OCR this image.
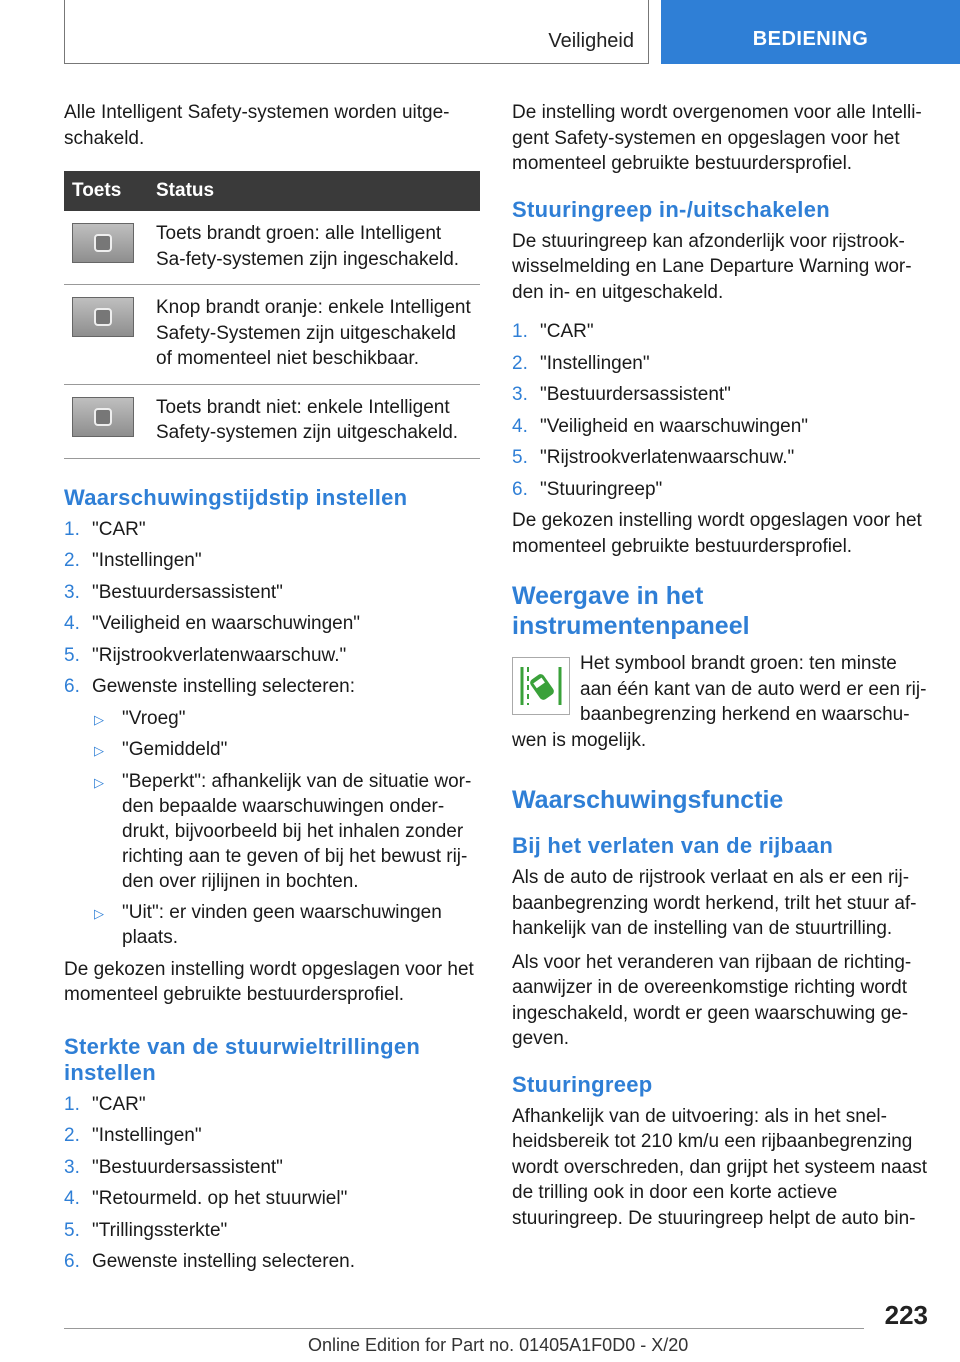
Veiligheid	BEDIENING

Alle Intelligent Safety-systemen worden uitge-schakeld.

Toets	Status

	Toets brandt groen: alle Intelligent Sa-fety-systemen zijn ingeschakeld.

	Knop brandt oranje: enkele Intelligent Safety-Systemen zijn uitgeschakeld of momenteel niet beschikbaar.

	Toets brandt niet: enkele Intelligent Safety-systemen zijn uitgeschakeld.
Waarschuwingstijdstip instellen
1. "CAR"
2. "Instellingen"
3. "Bestuurdersassistent"
4. "Veiligheid en waarschuwingen"
5. "Rijstrookverlatenwaarschuw."
6. Gewenste instelling selecteren:
▷ "Vroeg"
▷ "Gemiddeld"
▷ "Beperkt": afhankelijk van de situatie wor-den bepaalde waarschuwingen onder-drukt, bijvoorbeeld bij het inhalen zonder richting aan te geven of bij het bewust rij-den over rijlijnen in bochten.
▷ "Uit": er vinden geen waarschuwingen plaats.

De gekozen instelling wordt opgeslagen voor het momenteel gebruikte bestuurdersprofiel.

Sterkte van de stuurwieltrillingen instellen
1. "CAR"
2. "Instellingen"
3. "Bestuurdersassistent"
4. "Retourmeld. op het stuurwiel"
5. "Trillingssterkte"
6. Gewenste instelling selecteren.

De instelling wordt overgenomen voor alle Intelli-gent Safety-systemen en opgeslagen voor het momenteel gebruikte bestuurdersprofiel.

Stuuringreep in-/uitschakelen

De stuuringreep kan afzonderlijk voor rijstrook-wisselmelding en Lane Departure Warning wor-den in- en uitgeschakeld.

1. "CAR"
2. "Instellingen"
3. "Bestuurdersassistent"
4. "Veiligheid en waarschuwingen"
5. "Rijstrookverlatenwaarschuw."
6. "Stuuringreep"

De gekozen instelling wordt opgeslagen voor het momenteel gebruikte bestuurdersprofiel.

Weergave in het instrumentenpaneel

Het symbool brandt groen: ten minste aan één kant van de auto werd er een rij-baanbegrenzing herkend en waarschu-wen is mogelijk.

Waarschuwingsfunctie
Bij het verlaten van de rijbaan

Als de auto de rijstrook verlaat en als er een rij-baanbegrenzing wordt herkend, trilt het stuur af-hankelijk van de instelling van de stuurtrilling.

Als voor het veranderen van rijbaan de richting-aanwijzer in de overeenkomstige richting wordt ingeschakeld, wordt er geen waarschuwing ge-geven.

Stuuringreep

Afhankelijk van de uitvoering: als in het snel-heidsbereik tot 210 km/u een rijbaanbegrenzing wordt overschreden, dan grijpt het systeem naast de trilling ook in door een korte actieve stuuringreep. De stuuringreep helpt de auto bin-

223
Online Edition for Part no. 01405A1F0D0 - X/20
